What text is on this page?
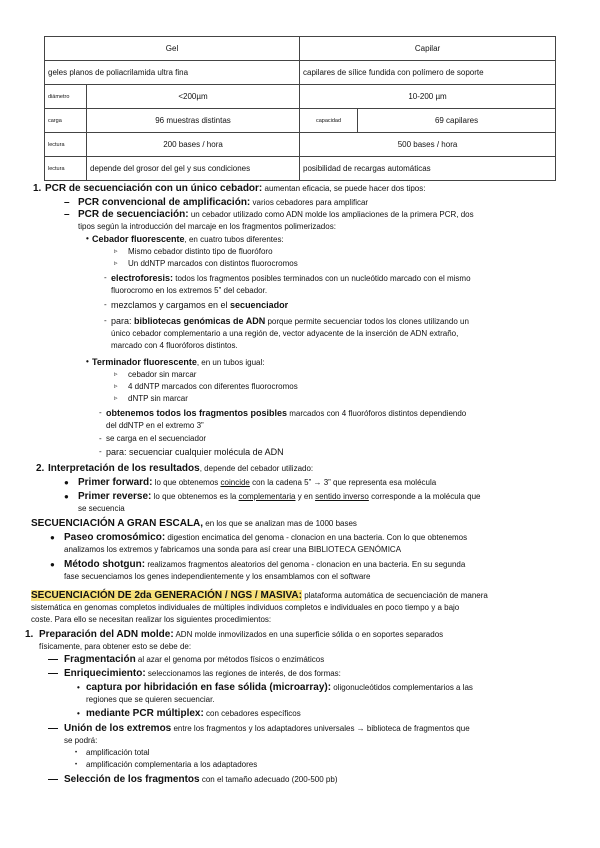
Gel		Capilar	
geles planos de poliacrilamida ultra fina		capilares de sílice fundida con polímero de soporte	
diámetro	<200µm	10-200 µm	
carga	96 muestras distintas	capacidad	69 capilares
lectura	200 bases / hora	500 bases / hora	
lectura	depende del grosor del gel y sus condiciones	posibilidad de recargas automáticas	
1. PCR de secuenciación con un único cebador: aumentan eficacia, se puede hacer dos tipos:
– PCR convencional de amplificación: varios cebadores para amplificar
– PCR de secuenciación: un cebador utilizado como ADN molde los ampliaciones de la primera PCR, dos
tipos según la introducción del marcaje en los fragmentos polimerizados:
• Cebador fluorescente, en cuatro tubos diferentes:
▹ Mismo cebador distinto tipo de fluoróforo
▹ Un ddNTP marcados con distintos fluorocromos
- electroforesis: todos los fragmentos posibles terminados con un nucleótido marcado con el mismo
fluorocromo en los extremos 5” del cebador.
- mezclamos y cargamos en el secuenciador
- para: bibliotecas genómicas de ADN porque permite secuenciar todos los clones utilizando un
único cebador complementario a una región de, vector adyacente de la inserción de ADN extraño,
marcado con 4 fluoróforos distintos.
• Terminador fluorescente, en un tubos igual:
▹ cebador sin marcar
▹ 4 ddNTP marcados con diferentes fluorocromos
▹ dNTP sin marcar
- obtenemos todos los fragmentos posibles marcados con 4 fluoróforos distintos dependiendo
del ddNTP en el extremo 3”
- se carga en el secuenciador
- para: secuenciar cualquier molécula de ADN
2. Interpretación de los resultados, depende del cebador utilizado:
● Primer forward: lo que obtenemos coincide con la cadena 5” → 3” que representa esa molécula
● Primer reverse: lo que obtenemos es la complementaria y en sentido inverso corresponde a la molécula que
se secuencia
SECUENCIACIÓN A GRAN ESCALA, en los que se analizan mas de 1000 bases
● Paseo cromosómico: digestion encimatica del genoma - clonacion en una bacteria. Con lo que obtenemos
analizamos los extremos y fabricamos una sonda para así crear una BIBLIOTECA GENÓMICA
● Método shotgun: realizamos fragmentos aleatorios del genoma - clonacion en una bacteria. En su segunda
fase secuenciamos los genes independientemente y los ensamblamos con el software
SECUENCIACIÓN DE 2da GENERACIÓN / NGS / MASIVA: plataforma automática de secuenciación de manera
sistemática en genomas completos individuales de múltiples individuos completos e individuales en poco tiempo y a bajo
coste. Para ello se necesitan realizar los siguientes procedimientos:
1. Preparación del ADN molde: ADN molde inmovilizados en una superficie sólida o en soportes separados
físicamente, para obtener esto se debe de:
— Fragmentación al azar el genoma por métodos físicos o enzimáticos
— Enriquecimiento: seleccionamos las regiones de interés, de dos formas:
• captura por hibridación en fase sólida (microarray): oligonucleótidos complementarios a las
regiones que se quieren secuenciar.
• mediante PCR múltiplex: con cebadores específicos
— Unión de los extremos entre los fragmentos y los adaptadores universales → biblioteca de fragmentos que
se podrá:
• amplificación total
• amplificación complementaria a los adaptadores
— Selección de los fragmentos con el tamaño adecuado (200-500 pb)
